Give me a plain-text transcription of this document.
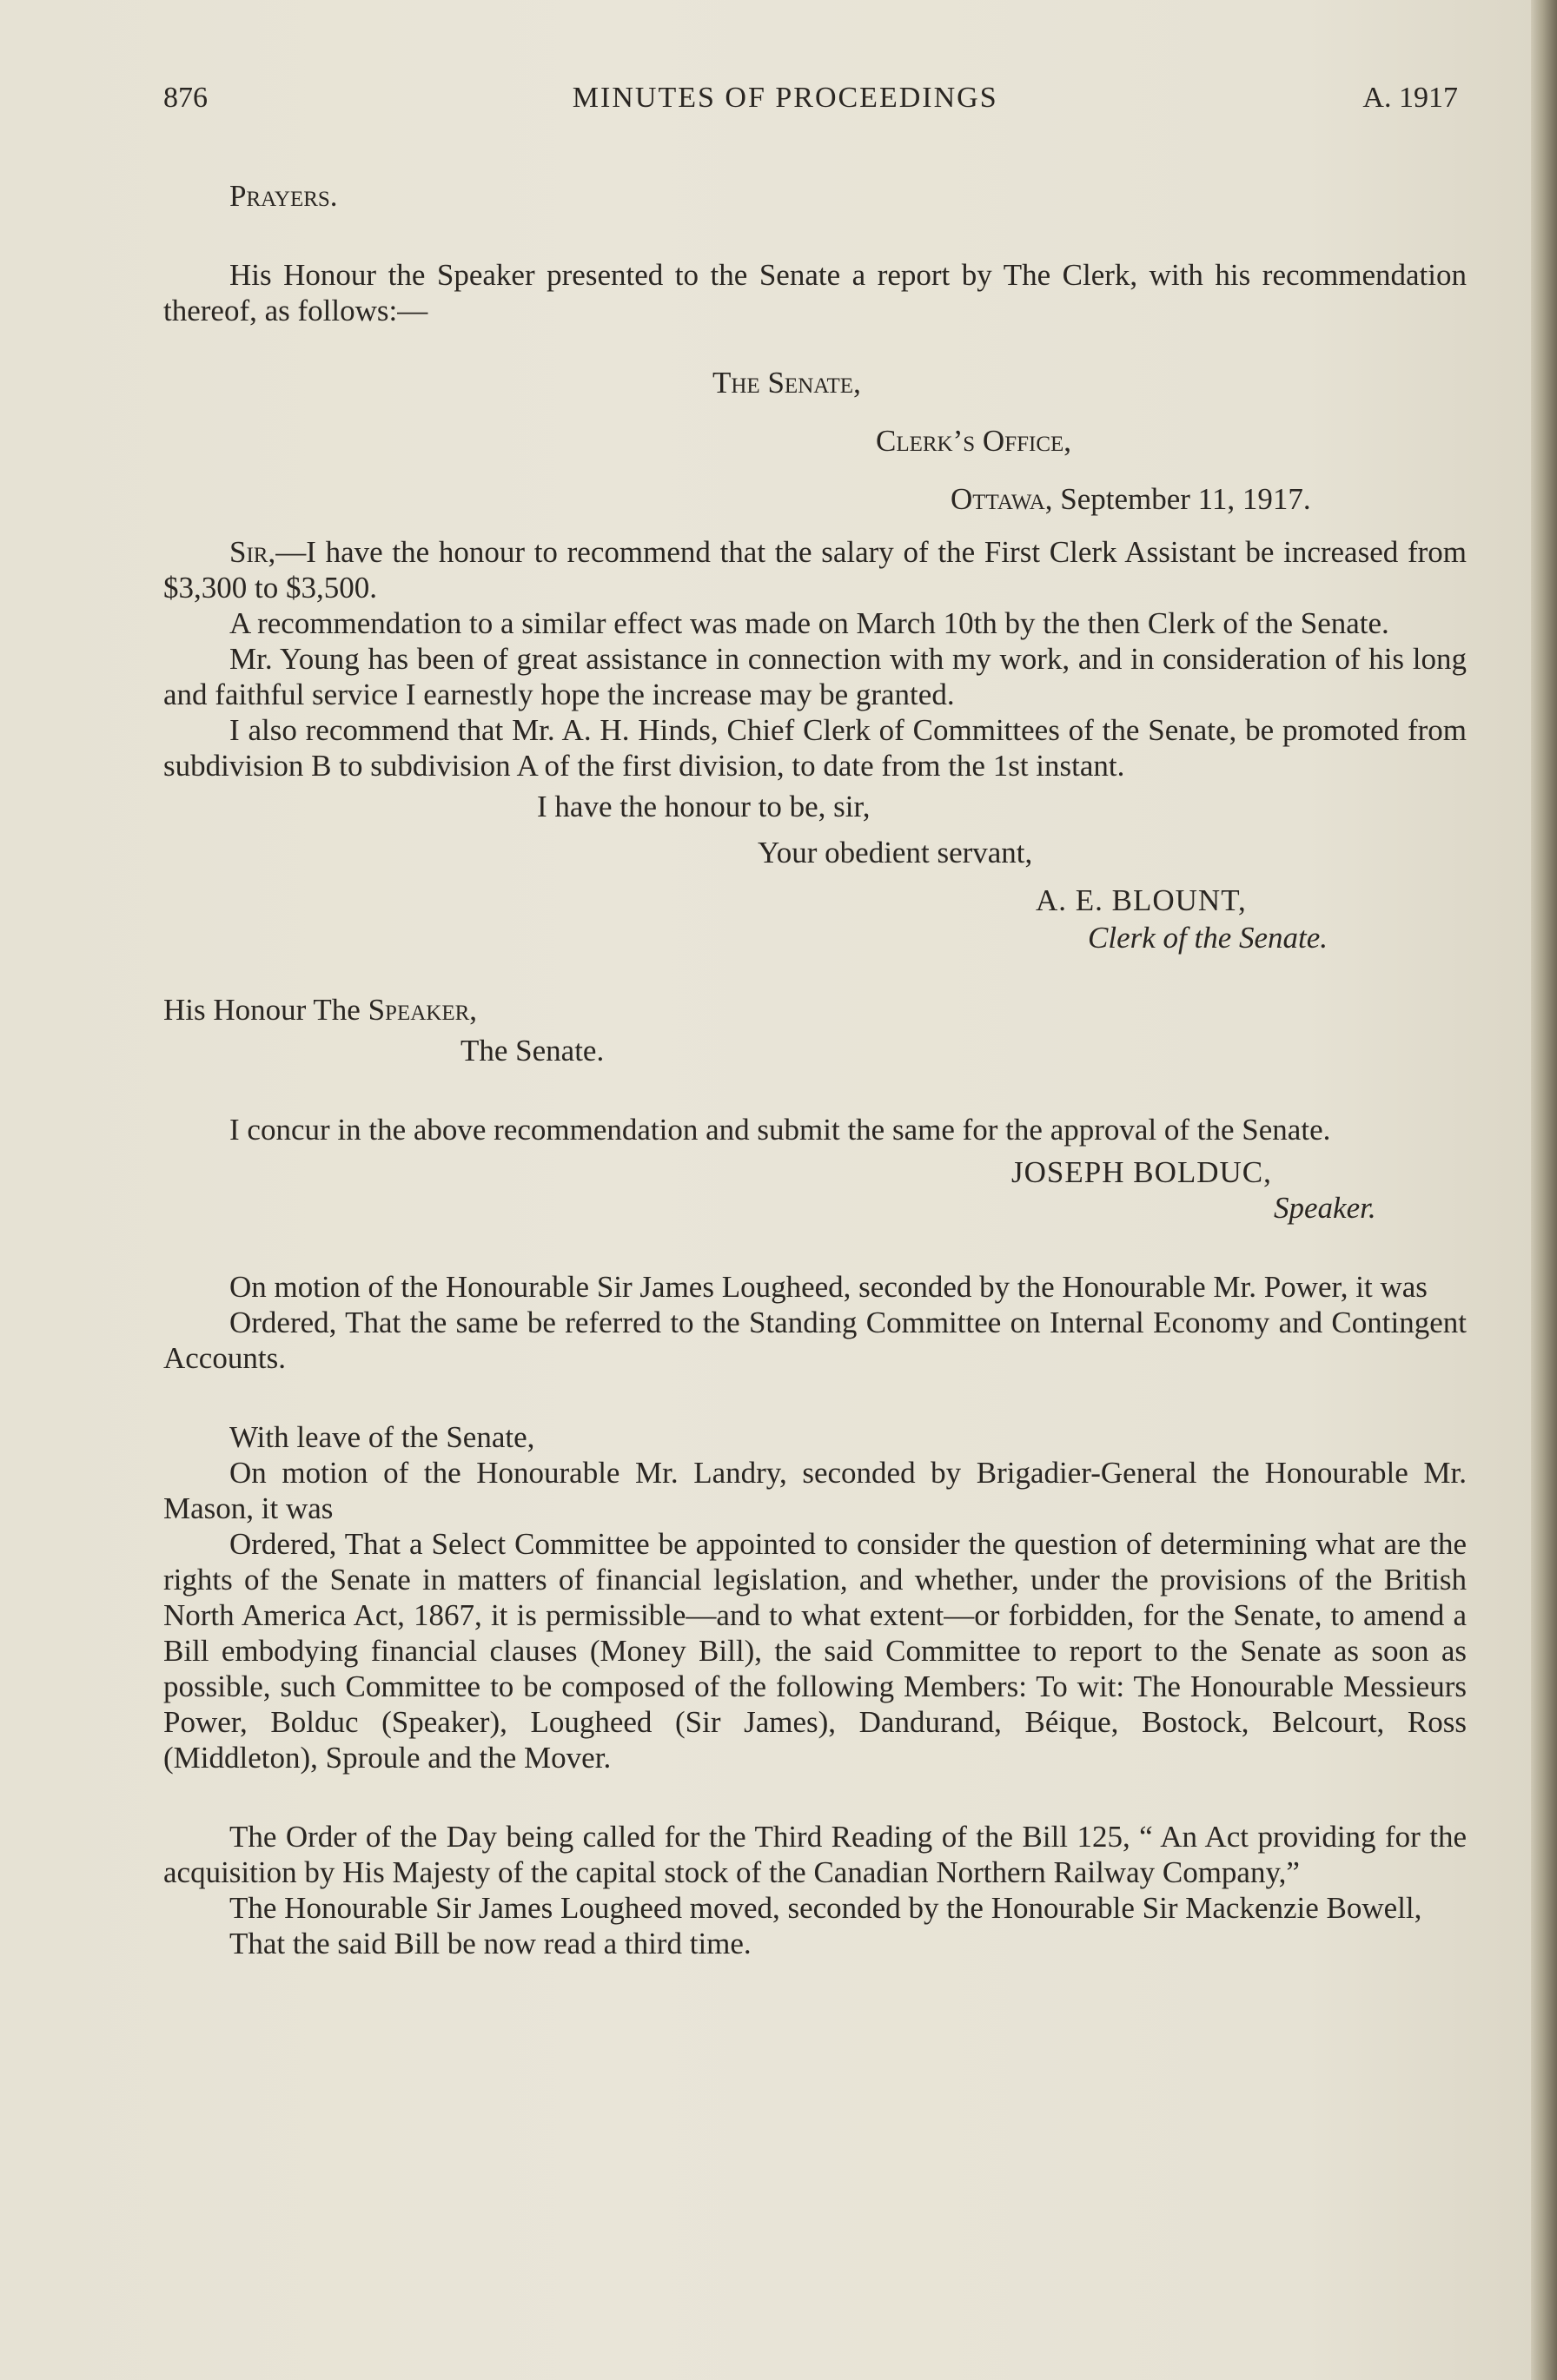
876	MINUTES OF PROCEEDINGS	A. 1917

Prayers.

His Honour the Speaker presented to the Senate a report by The Clerk, with his recommendation thereof, as follows:—

The Senate,

Clerk’s Office,

Ottawa, September 11, 1917.

Sir,—I have the honour to recommend that the salary of the First Clerk Assistant be increased from $3,300 to $3,500.

A recommendation to a similar effect was made on March 10th by the then Clerk of the Senate.

Mr. Young has been of great assistance in connection with my work, and in consideration of his long and faithful service I earnestly hope the increase may be granted.

I also recommend that Mr. A. H. Hinds, Chief Clerk of Committees of the Senate, be promoted from subdivision B to subdivision A of the first division, to date from the 1st instant.

I have the honour to be, sir,

Your obedient servant,

A. E. BLOUNT,

Clerk of the Senate.

His Honour The Speaker,

The Senate.

I concur in the above recommendation and submit the same for the approval of the Senate.

JOSEPH BOLDUC,

Speaker.

On motion of the Honourable Sir James Lougheed, seconded by the Honourable Mr. Power, it was

Ordered, That the same be referred to the Standing Committee on Internal Economy and Contingent Accounts.

With leave of the Senate,

On motion of the Honourable Mr. Landry, seconded by Brigadier-General the Honourable Mr. Mason, it was

Ordered, That a Select Committee be appointed to consider the question of determining what are the rights of the Senate in matters of financial legislation, and whether, under the provisions of the British North America Act, 1867, it is permissible—and to what extent—or forbidden, for the Senate, to amend a Bill embodying financial clauses (Money Bill), the said Committee to report to the Senate as soon as possible, such Committee to be composed of the following Members: To wit: The Honourable Messieurs Power, Bolduc (Speaker), Lougheed (Sir James), Dandurand, Béique, Bostock, Belcourt, Ross (Middleton), Sproule and the Mover.

The Order of the Day being called for the Third Reading of the Bill 125, “ An Act providing for the acquisition by His Majesty of the capital stock of the Canadian Northern Railway Company,”

The Honourable Sir James Lougheed moved, seconded by the Honourable Sir Mackenzie Bowell,

That the said Bill be now read a third time.
